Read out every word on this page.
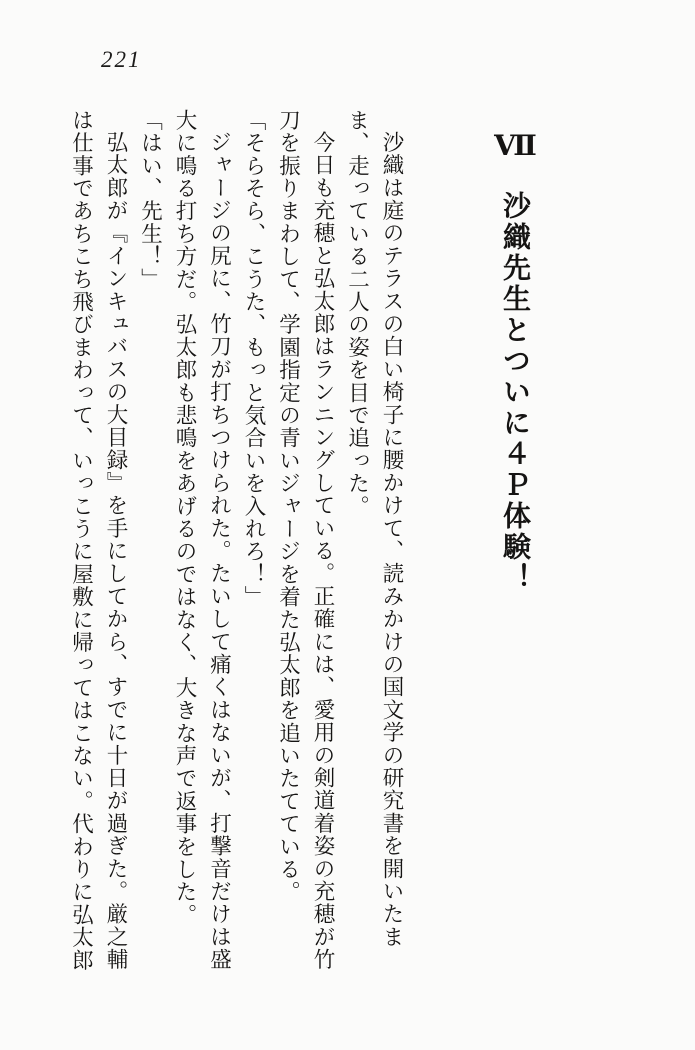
221
Ⅶ沙織先生とついに４Ｐ体験！

沙織は庭のテラスの白い椅子に腰かけて、読みかけの国文学の研究書を開いたまま、走っている二人の姿を目で追った。

今日も充穂と弘太郎はランニングしている。正確には、愛用の剣道着姿の充穂が竹刀を振りまわして、学園指定の青いジャージを着た弘太郎を追いたてている。

「そらそら、こうた、もっと気合いを入れろ！」

ジャージの尻に、竹刀が打ちつけられた。たいして痛くはないが、打撃音だけは盛大に鳴る打ち方だ。弘太郎も悲鳴をあげるのではなく、大きな声で返事をした。

「はい、先生！」

弘太郎が『インキュバスの大目録』を手にしてから、すでに十日が過ぎた。厳之輔は仕事であちこち飛びまわって、いっこうに屋敷に帰ってはこない。代わりに弘太郎
